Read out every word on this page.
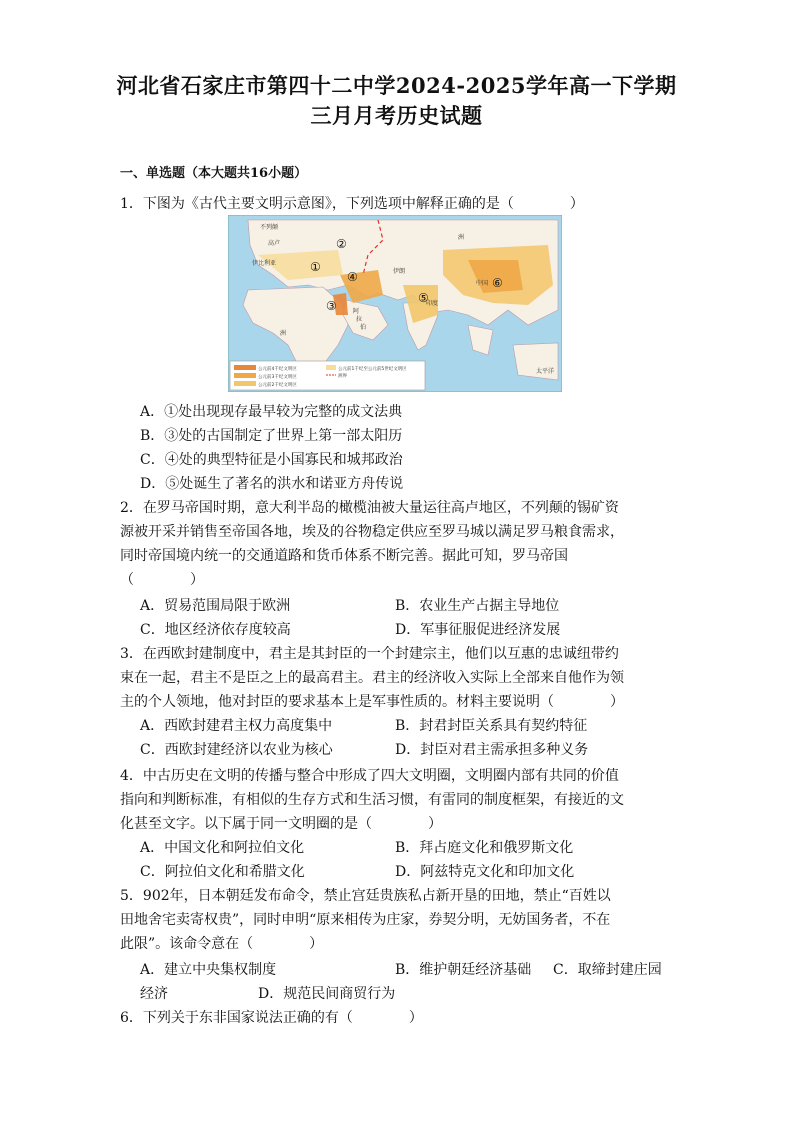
河北省石家庄市第四十二中学2024-2025学年高一下学期
三月月考历史试题
一、单选题（本大题共16小题）
1．下图为《古代主要文明示意图》，下列选项中解释正确的是（　　　　）
①
②
③
④
⑤
⑥
不列颠
高卢
伊比利亚
伊朗
印度
中国
阿
拉
伯
洲
洲
太平洋
公元前4千纪文明区
公元前3千纪文明区
公元前2千纪文明区
公元前1千纪至公元前5世纪文明区
洲界
A．①处出现现存最早较为完整的成文法典
B．③处的古国制定了世界上第一部太阳历
C．④处的典型特征是小国寡民和城邦政治
D．⑤处诞生了著名的洪水和诺亚方舟传说
2．在罗马帝国时期，意大利半岛的橄榄油被大量运往高卢地区，不列颠的锡矿资
源被开采并销售至帝国各地，埃及的谷物稳定供应至罗马城以满足罗马粮食需求，
同时帝国境内统一的交通道路和货币体系不断完善。据此可知，罗马帝国
（　　　　）
A．贸易范围局限于欧洲	B．农业生产占据主导地位
C．地区经济依存度较高	D．军事征服促进经济发展
3．在西欧封建制度中，君主是其封臣的一个封建宗主，他们以互惠的忠诚纽带约
束在一起，君主不是臣之上的最高君主。君主的经济收入实际上全部来自他作为领
主的个人领地，他对封臣的要求基本上是军事性质的。材料主要说明（　　　　）
A．西欧封建君主权力高度集中	B．封君封臣关系具有契约特征
C．西欧封建经济以农业为核心	D．封臣对君主需承担多种义务
4．中古历史在文明的传播与整合中形成了四大文明圈，文明圈内部有共同的价值
指向和判断标准，有相似的生存方式和生活习惯，有雷同的制度框架，有接近的文
化甚至文字。以下属于同一文明圈的是（　　　　）
A．中国文化和阿拉伯文化	B．拜占庭文化和俄罗斯文化
C．阿拉伯文化和希腊文化	D．阿兹特克文化和印加文化
5．902年，日本朝廷发布命令，禁止宫廷贵族私占新开垦的田地，禁止“百姓以
田地舍宅卖寄权贵”，同时申明“原来相传为庄家，券契分明，无妨国务者，不在
此限”。该命令意在（　　　　）
A．建立中央集权制度	B．维护朝廷经济基础 C．取缔封建庄园
经济	D．规范民间商贸行为
6．下列关于东非国家说法正确的有（　　　　）
